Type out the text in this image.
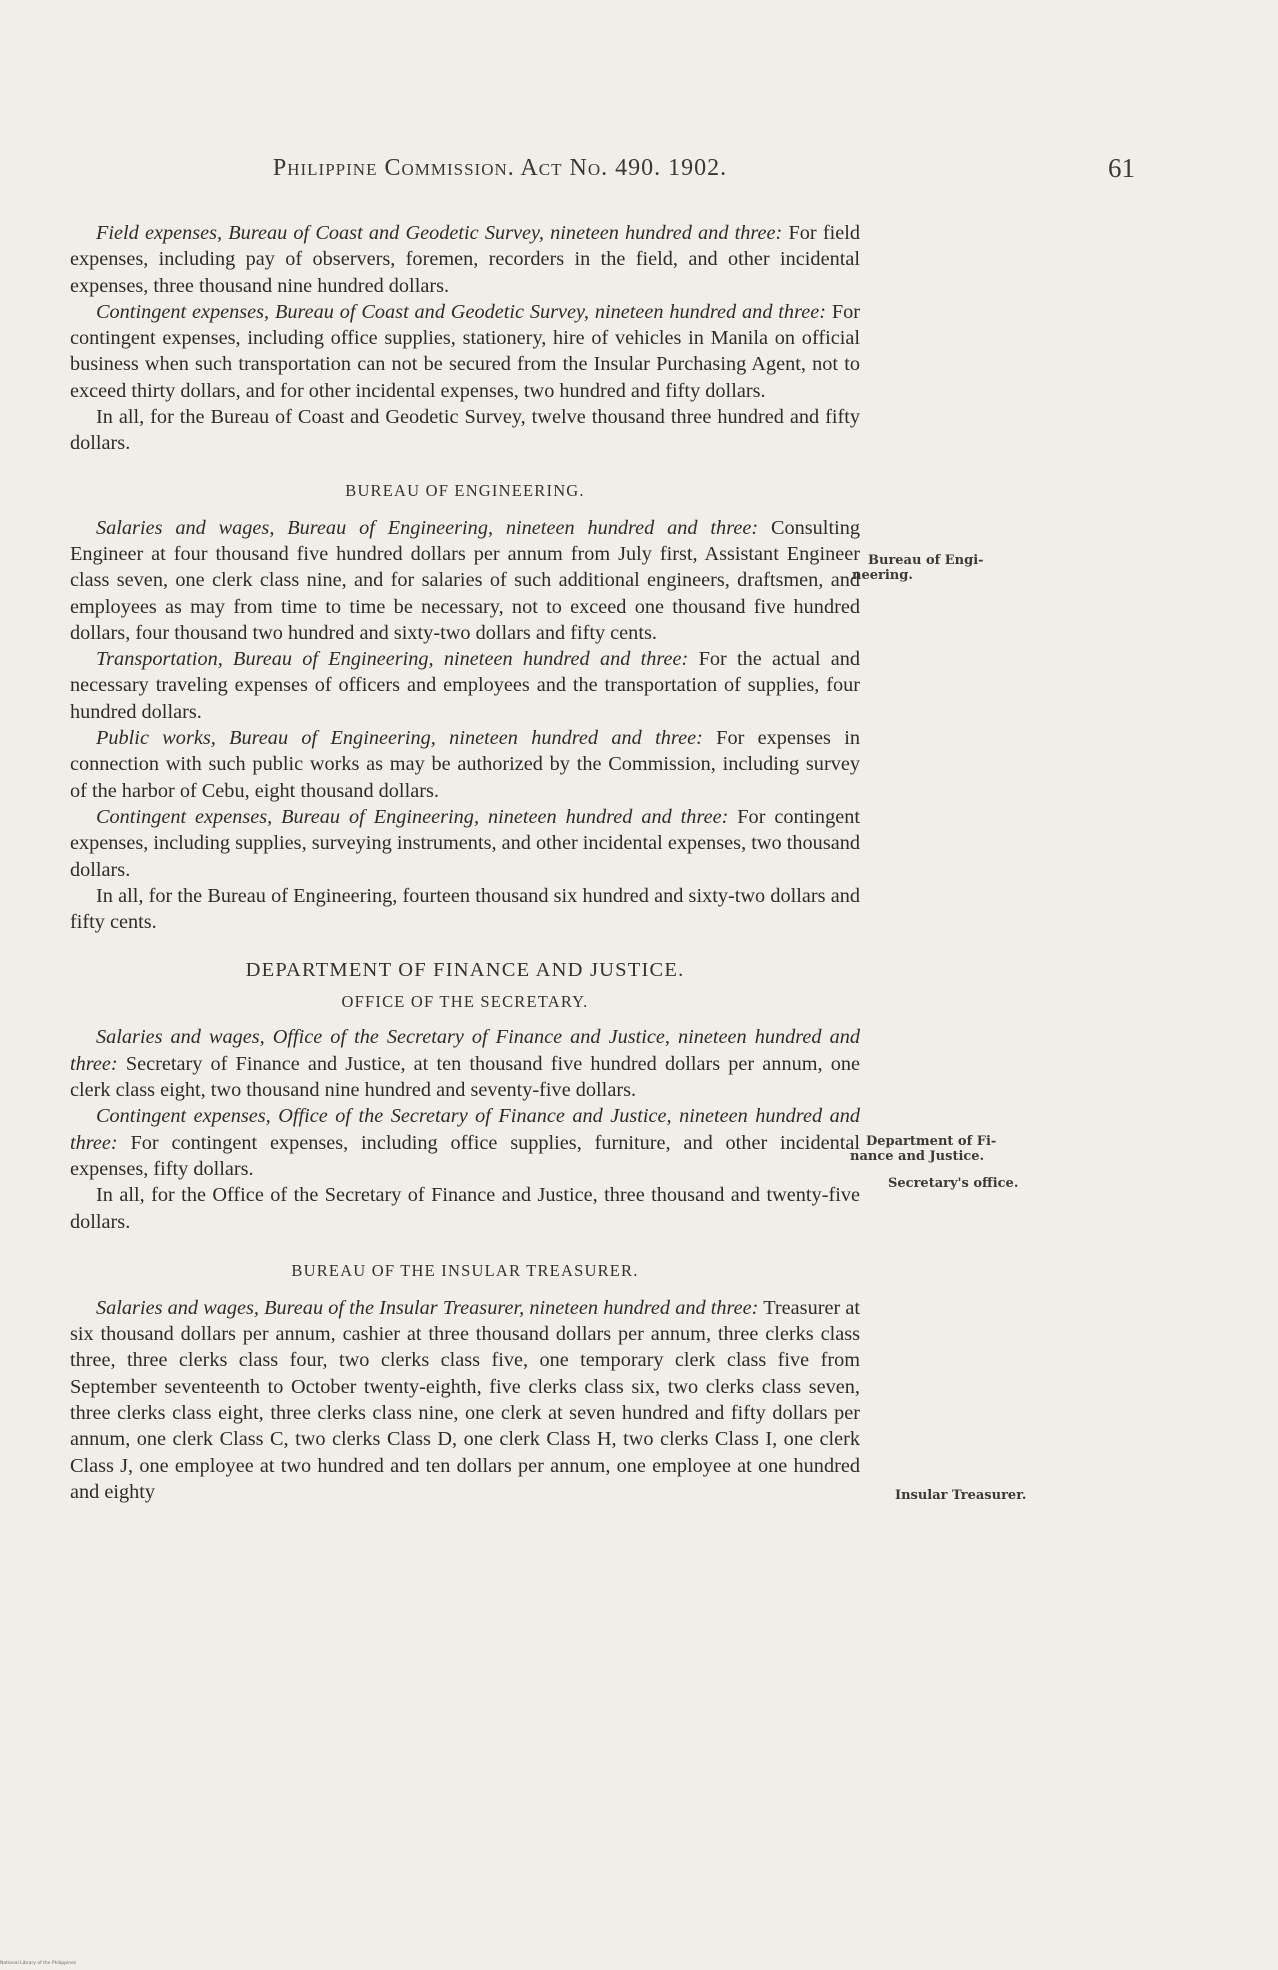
Philippine Commission. Act No. 490. 1902.	61

Field expenses, Bureau of Coast and Geodetic Survey, nineteen hundred and three: For field expenses, including pay of observers, foremen, recorders in the field, and other incidental expenses, three thousand nine hundred dollars.

Contingent expenses, Bureau of Coast and Geodetic Survey, nineteen hundred and three: For contingent expenses, including office supplies, stationery, hire of vehicles in Manila on official business when such transportation can not be secured from the Insular Purchasing Agent, not to exceed thirty dollars, and for other incidental expenses, two hundred and fifty dollars.

In all, for the Bureau of Coast and Geodetic Survey, twelve thousand three hundred and fifty dollars.

BUREAU OF ENGINEERING.

Salaries and wages, Bureau of Engineering, nineteen hundred and three: Consulting Engineer at four thousand five hundred dollars per annum from July first, Assistant Engineer class seven, one clerk class nine, and for salaries of such additional engineers, draftsmen, and employees as may from time to time be necessary, not to exceed one thousand five hundred dollars, four thousand two hundred and sixty-two dollars and fifty cents.

Transportation, Bureau of Engineering, nineteen hundred and three: For the actual and necessary traveling expenses of officers and employees and the transportation of supplies, four hundred dollars.

Public works, Bureau of Engineering, nineteen hundred and three: For expenses in connection with such public works as may be authorized by the Commission, including survey of the harbor of Cebu, eight thousand dollars.

Contingent expenses, Bureau of Engineering, nineteen hundred and three: For contingent expenses, including supplies, surveying instruments, and other incidental expenses, two thousand dollars.

In all, for the Bureau of Engineering, fourteen thousand six hundred and sixty-two dollars and fifty cents.

DEPARTMENT OF FINANCE AND JUSTICE.
OFFICE OF THE SECRETARY.

Salaries and wages, Office of the Secretary of Finance and Justice, nineteen hundred and three: Secretary of Finance and Justice, at ten thousand five hundred dollars per annum, one clerk class eight, two thousand nine hundred and seventy-five dollars.

Contingent expenses, Office of the Secretary of Finance and Justice, nineteen hundred and three: For contingent expenses, including office supplies, furniture, and other incidental expenses, fifty dollars.

In all, for the Office of the Secretary of Finance and Justice, three thousand and twenty-five dollars.

BUREAU OF THE INSULAR TREASURER.

Salaries and wages, Bureau of the Insular Treasurer, nineteen hundred and three: Treasurer at six thousand dollars per annum, cashier at three thousand dollars per annum, three clerks class three, three clerks class four, two clerks class five, one temporary clerk class five from September seventeenth to October twenty-eighth, five clerks class six, two clerks class seven, three clerks class eight, three clerks class nine, one clerk at seven hundred and fifty dollars per annum, one clerk Class C, two clerks Class D, one clerk Class H, two clerks Class I, one clerk Class J, one employee at two hundred and ten dollars per annum, one employee at one hundred and eighty

Bureau of Engi-
neering.
Department of Fi-
nance and Justice.
Secretary's office.
Insular Treasurer.
National Library of the Philippines
